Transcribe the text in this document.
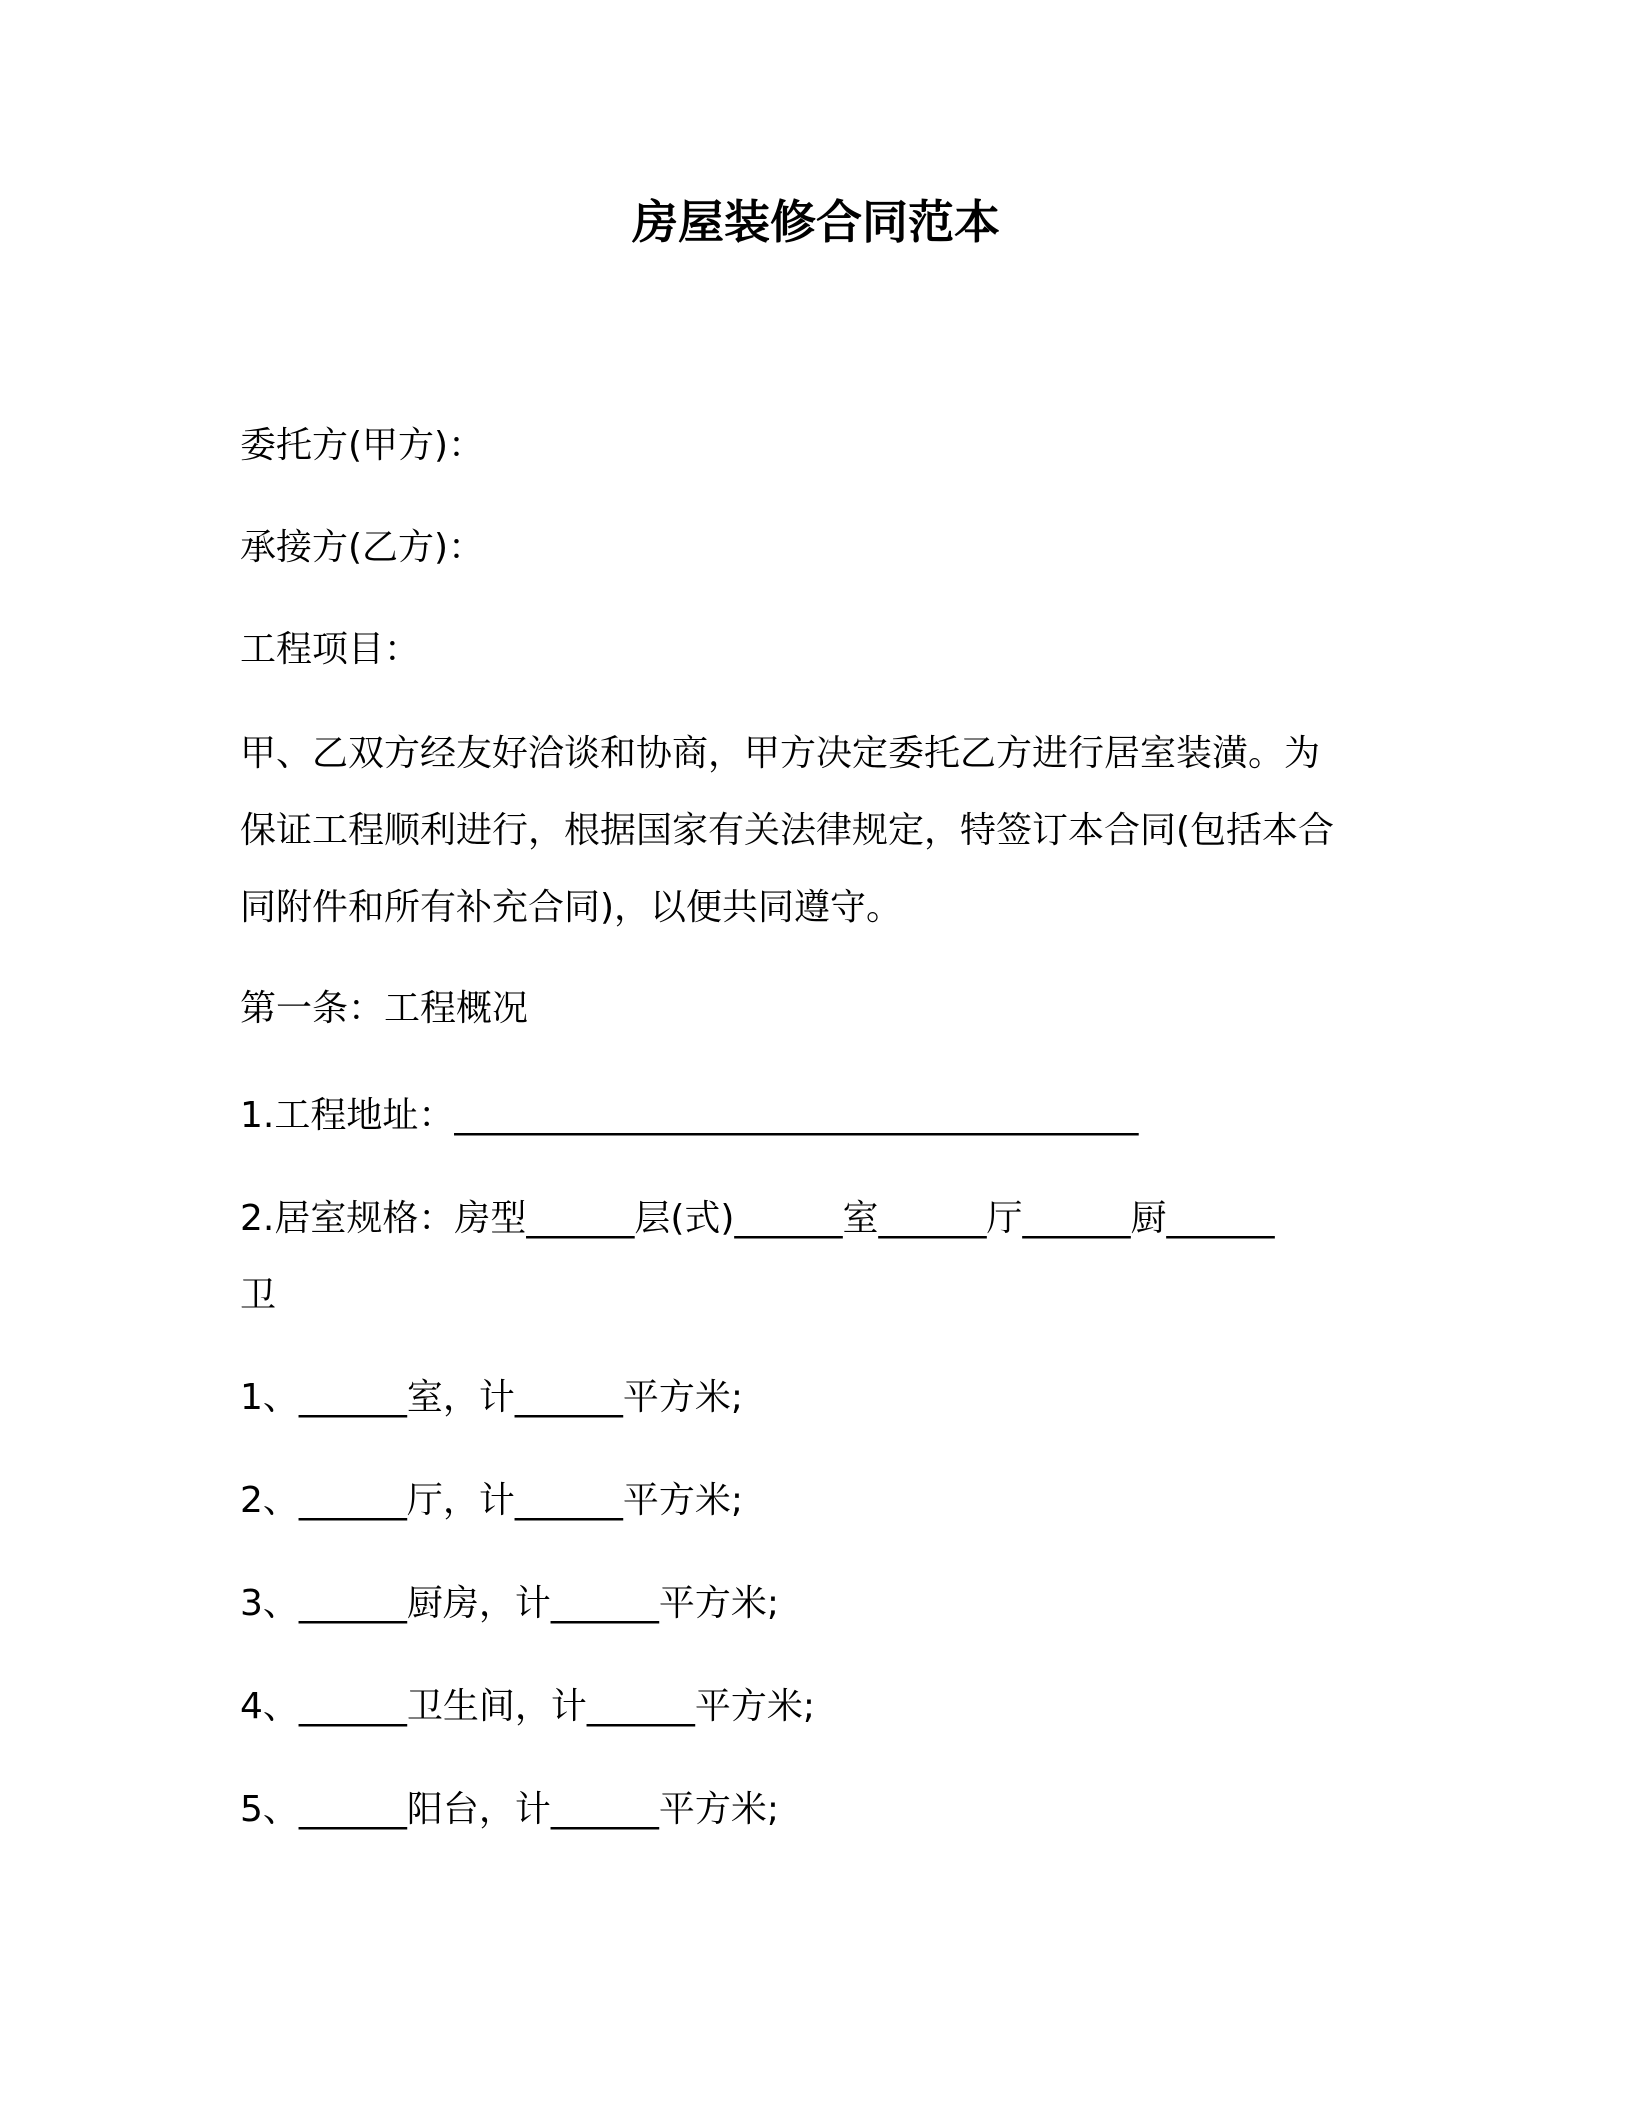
房屋装修合同范本
委托方(甲方)：
承接方(乙方)：
工程项目：
甲、乙双方经友好洽谈和协商，甲方决定委托乙方进行居室装潢。为
保证工程顺利进行，根据国家有关法律规定，特签订本合同(包括本合
同附件和所有补充合同)，以便共同遵守。
第一条：工程概况
1.工程地址：______________________________________
2.居室规格：房型______层(式)______室______厅______厨______
卫
1、______室，计______平方米;
2、______厅，计______平方米;
3、______厨房，计______平方米;
4、______卫生间，计______平方米;
5、______阳台，计______平方米;
